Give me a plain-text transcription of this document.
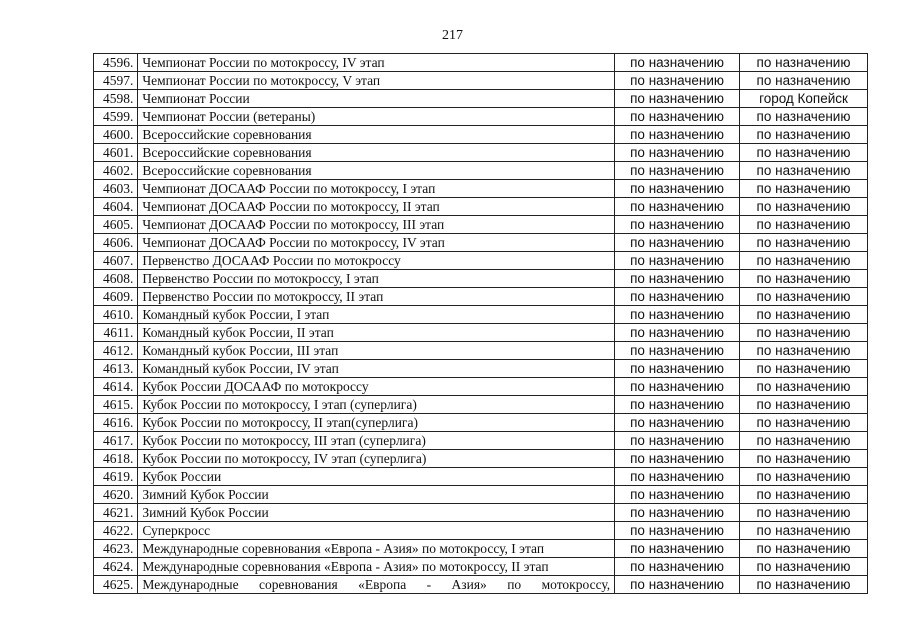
217
4596.	Чемпионат России по мотокроссу, IV этап	по назначению	по назначению
4597.	Чемпионат России по мотокроссу, V этап	по назначению	по назначению
4598.	Чемпионат России	по назначению	город Копейск
4599.	Чемпионат России (ветераны)	по назначению	по назначению
4600.	Всероссийские соревнования	по назначению	по назначению
4601.	Всероссийские соревнования	по назначению	по назначению
4602.	Всероссийские соревнования	по назначению	по назначению
4603.	Чемпионат ДОСААФ России по мотокроссу, I этап	по назначению	по назначению
4604.	Чемпионат ДОСААФ России по мотокроссу, II этап	по назначению	по назначению
4605.	Чемпионат ДОСААФ России по мотокроссу, III этап	по назначению	по назначению
4606.	Чемпионат ДОСААФ России по мотокроссу, IV этап	по назначению	по назначению
4607.	Первенство ДОСААФ России по мотокроссу	по назначению	по назначению
4608.	Первенство России по мотокроссу, I этап	по назначению	по назначению
4609.	Первенство России по мотокроссу, II этап	по назначению	по назначению
4610.	Командный кубок России, I этап	по назначению	по назначению
4611.	Командный кубок России, II этап	по назначению	по назначению
4612.	Командный кубок России, III этап	по назначению	по назначению
4613.	Командный кубок России, IV этап	по назначению	по назначению
4614.	Кубок России ДОСААФ по мотокроссу	по назначению	по назначению
4615.	Кубок России по мотокроссу, I этап (суперлига)	по назначению	по назначению
4616.	Кубок России по мотокроссу, II этап(суперлига)	по назначению	по назначению
4617.	Кубок России по мотокроссу, III этап (суперлига)	по назначению	по назначению
4618.	Кубок России по мотокроссу, IV этап (суперлига)	по назначению	по назначению
4619.	Кубок России	по назначению	по назначению
4620.	Зимний Кубок России	по назначению	по назначению
4621.	Зимний Кубок России	по назначению	по назначению
4622.	Суперкросс	по назначению	по назначению
4623.	Международные соревнования «Европа - Азия» по мотокроссу, I этап	по назначению	по назначению
4624.	Международные соревнования «Европа - Азия» по мотокроссу, II этап	по назначению	по назначению
4625.	Международные соревнования «Европа - Азия» по мотокроссу,	по назначению	по назначению
